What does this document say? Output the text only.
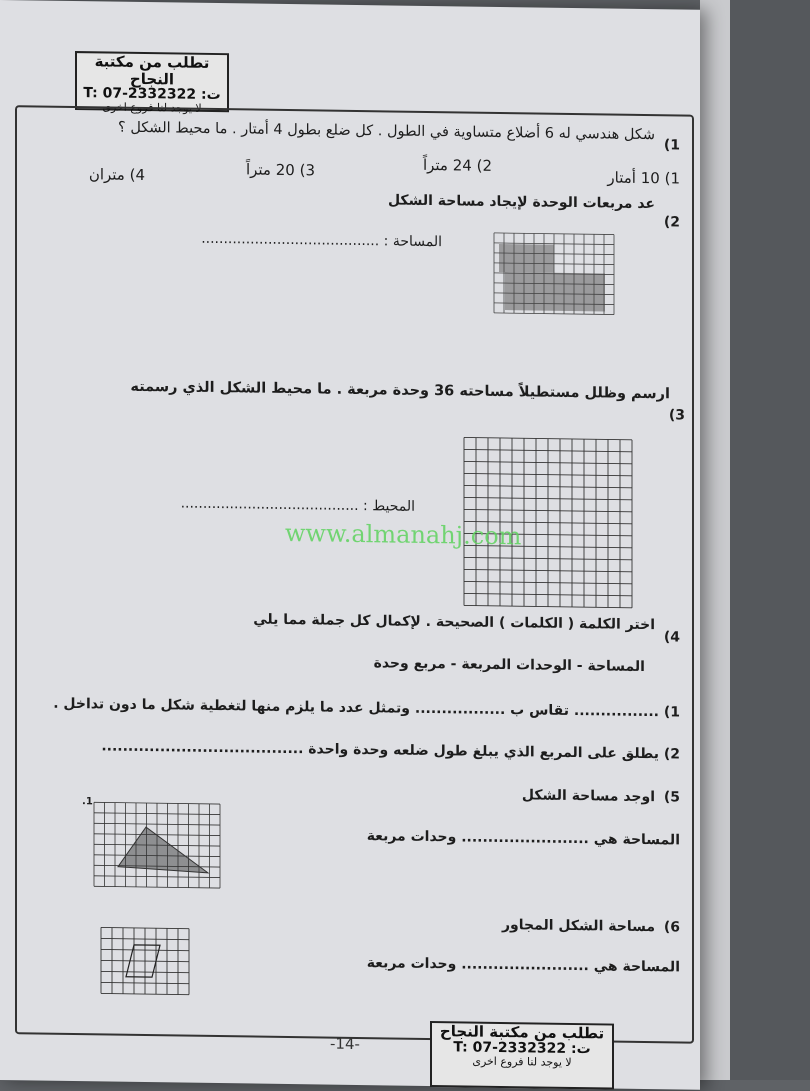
تطلب من مكتبة النجاح
ت: T: 07-2332322
لا يوجد لنا فروع اخرى
1)
شكل هندسي له 6 أضلاع متساوية في الطول . كل ضلع بطول 4 أمتار . ما محيط الشكل ؟
1) 10 أمتار
2) 24 متراً
3) 20 متراً
4) متران
2)
عد مربعات الوحدة لإيجاد مساحة الشكل
المساحة : ........................................
3)
ارسم وظلل مستطيلاً مساحته 36 وحدة مربعة . ما محيط الشكل الذي رسمته
المحيط : ........................................
www.almanahj.com
4)
اختر الكلمة ( الكلمات ) الصحيحة . لإكمال كل جملة مما يلي
المساحة - الوحدات المربعة - مربع وحدة
1) ................ تقاس ب ................. وتمثل عدد ما يلزم منها لتغطية شكل ما دون تداخل .
2) يطلق على المربع الذي يبلغ طول ضلعه وحدة واحدة ......................................
5)
اوجد مساحة الشكل
1.
المساحة هي ........................ وحدات مربعة
6)
مساحة الشكل المجاور
المساحة هي ........................ وحدات مربعة
-14-
تطلب من مكتبة النجاح
ت: T: 07-2332322
لا يوجد لنا فروع اخرى
